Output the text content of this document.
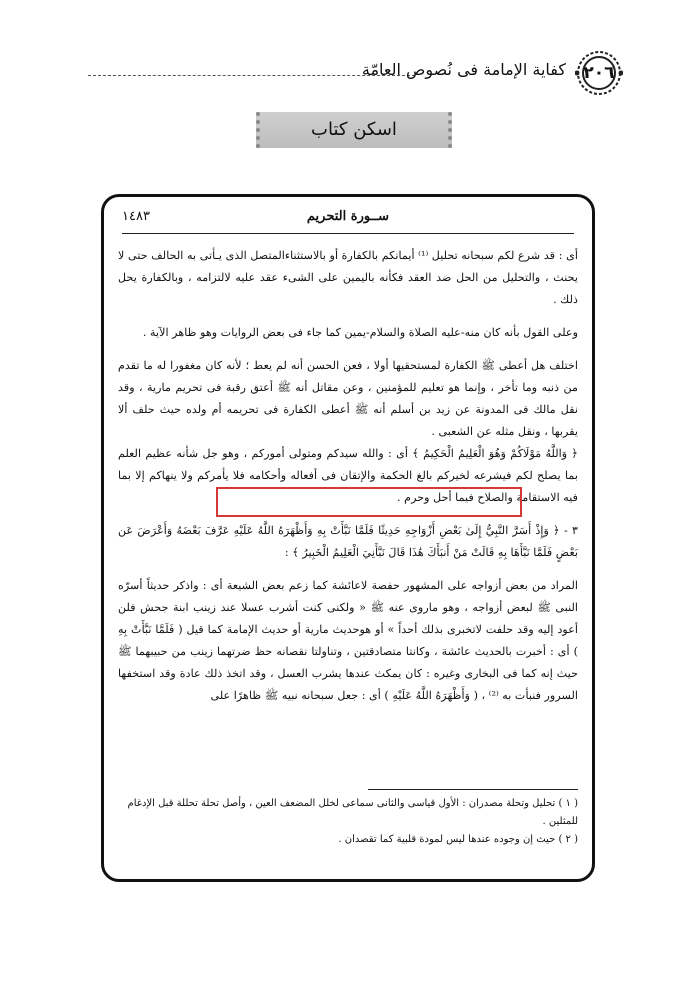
كفاية الإمامة فى نُصوص العامّة	٢٠٦
اسكن كتاب
ســورة التحريم
١٤٨٣

أى : قد شرع لكم سبحانه تحليل ⁽¹⁾ أيمانكم بالكفارة أو بالاستثناءالمتصل الذى يـأتى به الحالف حتى لا يحنث ، والتحليل من الحل ضد العقد فكأنه باليمين على الشىء عقد عليه لالتزامه ، وبالكفارة يحل ذلك .

وعلى القول بأنه كان منه-عليه الصلاة والسلام-يمين كما جاء فى بعض الروايات وهو ظاهر الآية .

اختلف هل أعطى ﷺ الكفارة لمستحقيها أولا ، فعن الحسن أنه لم يعط ؛ لأنه كان مغفورا له ما تقدم من ذنبه وما تأخر ، وإنما هو تعليم للمؤمنين ، وعن مقاتل أنه ﷺ أعتق رقبة فى تحريم مارية ، وقد نقل مالك فى المدونة عن زيد بن أسلم أنه ﷺ أعطى الكفارة فى تحريمه أم ولده حيث حلف ألا يقربها ، ونقل مثله عن الشعبى .

﴿ وَاللَّهُ مَوْلَاكُمْ وَهُوَ الْعَلِيمُ الْحَكِيمُ ﴾ أى : والله سيدكم ومتولى أموركم ، وهو جل شأنه عظيم العلم بما يصلح لكم فيشرعه لخيركم بالغ الحكمة والإتقان فى أفعاله وأحكامه فلا يأمركم ولا ينهاكم إلا بما فيه الاستقامة والصلاح فيما أحل وحرم .

٣ - ﴿ وَإِذْ أَسَرَّ النَّبِيُّ إِلَىٰ بَعْضِ أَزْوَاجِهِ حَدِيثًا فَلَمَّا نَبَّأَتْ بِهِ وَأَظْهَرَهُ اللَّهُ عَلَيْهِ عَرَّفَ بَعْضَهُ وَأَعْرَضَ عَن بَعْضٍ فَلَمَّا نَبَّأَهَا بِهِ قَالَتْ مَنْ أَنبَأَكَ هَٰذَا قَالَ نَبَّأَنِيَ الْعَلِيمُ الْخَبِيرُ ﴾ :

المراد من بعض أزواجه على المشهور حفصة لاعائشة كما زعم بعض الشيعة أى : واذكر حديثاً أسرّه النبى ﷺ لبعض أزواجه ، وهو ماروى عنه ﷺ « ولكنى كنت أشرب عسلا عند زينب ابنة جحش فلن أعود إليه وقد حلفت لاتخبرى بذلك أحداً » أو هوحديث مارية أو حديث الإمامة كما قيل ( فَلَمَّا نَبَّأَتْ بِهِ ) أى : أخبرت بالحديث عائشة ، وكانتا متصادقتين ، وتناولتا نقصانه حظ ضرتهما زينب من حبيبهما ﷺ حيث إنه كما فى البخارى وغيره : كان يمكث عندها يشرب العسل ، وقد اتخذ ذلك عادة وقد استخفها السرور فنبأت به ⁽²⁾ ، ( وَأَظْهَرَهُ اللَّهُ عَلَيْهِ ) أى : جعل سبحانه نبيه ﷺ ظاهرًا على

( ١ ) تحليل وتحلة مصدران : الأول قياسى والثانى سماعى لخلل المضعف العين ، وأصل تحلة تحللة قبل الإدغام للمثلين .
( ٢ ) حيث إن وجوده عندها ليس لمودة قلبية كما تقصدان .
